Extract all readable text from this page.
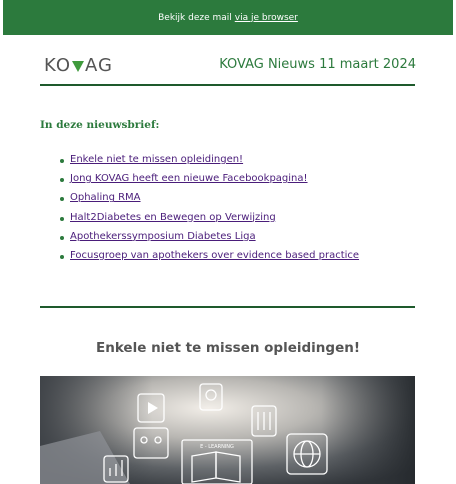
Bekijk deze mail via je browser
KO AG	KOVAG Nieuws 11 maart 2024
In deze nieuwsbrief:
Enkele niet te missen opleidingen!
Jong KOVAG heeft een nieuwe Facebookpagina!
Ophaling RMA
Halt2Diabetes en Bewegen op Verwijzing
Apothekerssymposium Diabetes Liga
Focusgroep van apothekers over evidence based practice
Enkele niet te missen opleidingen!
E - LEARNING
